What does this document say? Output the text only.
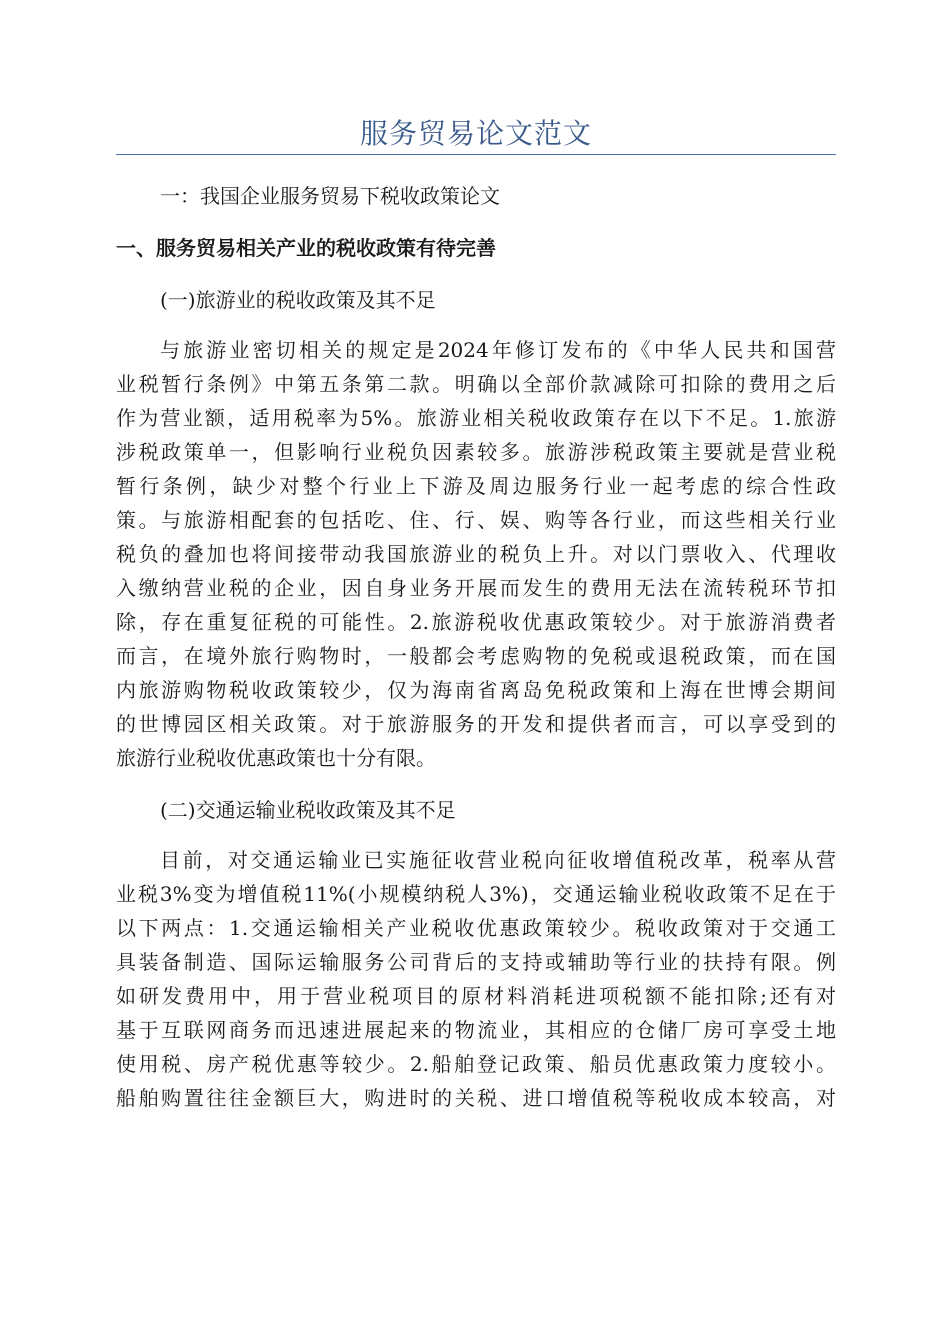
服务贸易论文范文
一：我国企业服务贸易下税收政策论文
一、服务贸易相关产业的税收政策有待完善
(一)旅游业的税收政策及其不足
与旅游业密切相关的规定是2024年修订发布的《中华人民共和国营
业税暂行条例》中第五条第二款。明确以全部价款减除可扣除的费用之后
作为营业额，适用税率为5%。旅游业相关税收政策存在以下不足。1.旅游
涉税政策单一，但影响行业税负因素较多。旅游涉税政策主要就是营业税
暂行条例，缺少对整个行业上下游及周边服务行业一起考虑的综合性政
策。与旅游相配套的包括吃、住、行、娱、购等各行业，而这些相关行业
税负的叠加也将间接带动我国旅游业的税负上升。对以门票收入、代理收
入缴纳营业税的企业，因自身业务开展而发生的费用无法在流转税环节扣
除，存在重复征税的可能性。2.旅游税收优惠政策较少。对于旅游消费者
而言，在境外旅行购物时，一般都会考虑购物的免税或退税政策，而在国
内旅游购物税收政策较少，仅为海南省离岛免税政策和上海在世博会期间
的世博园区相关政策。对于旅游服务的开发和提供者而言，可以享受到的
旅游行业税收优惠政策也十分有限。
(二)交通运输业税收政策及其不足
目前，对交通运输业已实施征收营业税向征收增值税改革，税率从营
业税3%变为增值税11%(小规模纳税人3%)，交通运输业税收政策不足在于
以下两点：1.交通运输相关产业税收优惠政策较少。税收政策对于交通工
具装备制造、国际运输服务公司背后的支持或辅助等行业的扶持有限。例
如研发费用中，用于营业税项目的原材料消耗进项税额不能扣除;还有对
基于互联网商务而迅速进展起来的物流业，其相应的仓储厂房可享受土地
使用税、房产税优惠等较少。2.船舶登记政策、船员优惠政策力度较小。
船舶购置往往金额巨大，购进时的关税、进口增值税等税收成本较高，对
